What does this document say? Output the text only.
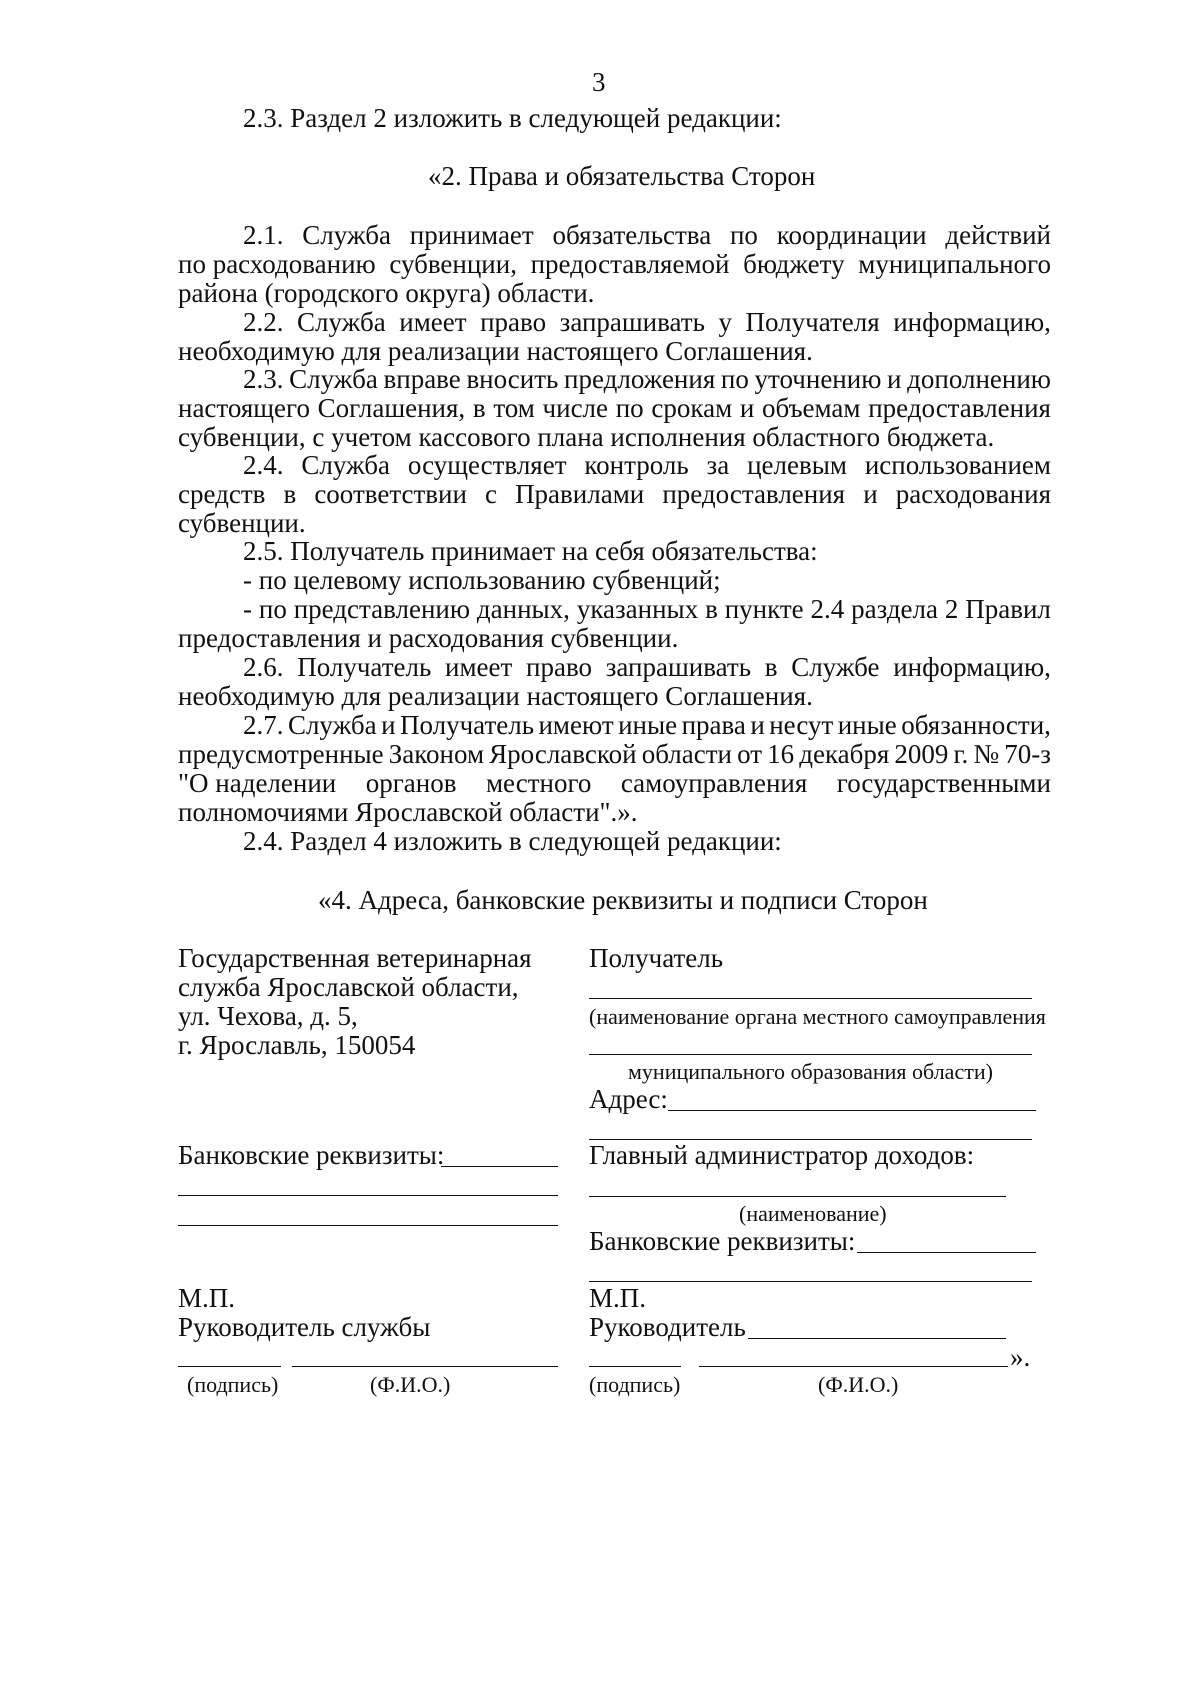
3
2.3. Раздел 2 изложить в следующей редакции:
«2. Права и обязательства Сторон
2.1. Служба принимает обязательства по координации действий
по расходованию субвенции, предоставляемой бюджету муниципального
района (городского округа) области.
2.2. Служба имеет право запрашивать у Получателя информацию,
необходимую для реализации настоящего Соглашения.
2.3. Служба вправе вносить предложения по уточнению и дополнению
настоящего Соглашения, в том числе по срокам и объемам предоставления
субвенции, с учетом кассового плана исполнения областного бюджета.
2.4. Служба осуществляет контроль за целевым использованием
средств в соответствии с Правилами предоставления и расходования
субвенции.
2.5. Получатель принимает на себя обязательства:
- по целевому использованию субвенций;
- по представлению данных, указанных в пункте 2.4 раздела 2 Правил
предоставления и расходования субвенции.
2.6. Получатель имеет право запрашивать в Службе информацию,
необходимую для реализации настоящего Соглашения.
2.7. Служба и Получатель имеют иные права и несут иные обязанности,
предусмотренные Законом Ярославской области от 16 декабря 2009 г. № 70-з
"О наделении органов местного самоуправления государственными
полномочиями Ярославской области".».
2.4. Раздел 4 изложить в следующей редакции:
«4. Адреса, банковские реквизиты и подписи Сторон
Государственная ветеринарная
служба Ярославской области,
ул. Чехова, д. 5,
г. Ярославль, 150054
Банковские реквизиты:
М.П.
Руководитель службы
(подпись)	(Ф.И.О.)
Получатель
(наименование органа местного самоуправления
муниципального образования области)
Адрес:
Главный администратор доходов:
(наименование)
Банковские реквизиты:
М.П.
Руководитель
».
(подпись)	(Ф.И.О.)
